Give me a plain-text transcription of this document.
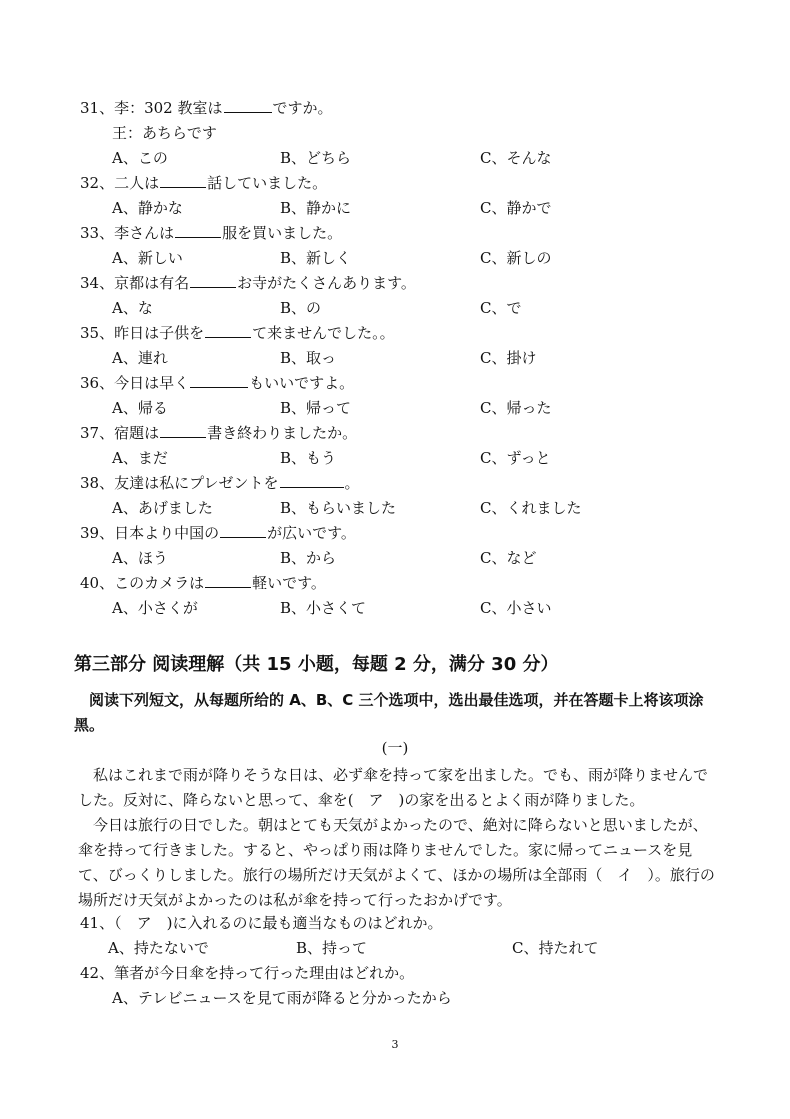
31、李：302 教室は	ですか。
王：あちらです
A、この	B、どちら	C、そんな
32、二人は	話していました。
A、静かな	B、静かに	C、静かで
33、李さんは	服を買いました。
A、新しい	B、新しく	C、新しの
34、京都は有名	お寺がたくさんあります。
A、な	B、の	C、で
35、昨日は子供を	て来ませんでした。。
A、連れ	B、取っ	C、掛け
36、今日は早く	もいいですよ。
A、帰る	B、帰って	C、帰った
37、宿題は	書き終わりましたか。
A、まだ	B、もう	C、ずっと
38、友達は私にプレゼントを	。
A、あげました	B、もらいました	C、くれました
39、日本より中国の	が広いです。
A、ほう	B、から	C、など
40、このカメラは	軽いです。
A、小さくが	B、小さくて	C、小さい
第三部分 阅读理解（共 15 小题，每题 2 分，满分 30 分）
　阅读下列短文，从每题所给的 A、B、C 三个选项中，选出最佳选项，并在答题卡上将该项涂黑。
(一)
　私はこれまで雨が降りそうな日は、必ず傘を持って家を出ました。でも、雨が降りませんでした。反対に、降らないと思って、傘を(　ア　)の家を出るとよく雨が降りました。
　今日は旅行の日でした。朝はとても天気がよかったので、絶対に降らないと思いましたが、傘を持って行きました。すると、やっぱり雨は降りませんでした。家に帰ってニュースを見て、びっくりしました。旅行の場所だけ天気がよくて、ほかの場所は全部雨（　イ　）。旅行の場所だけ天気がよかったのは私が傘を持って行ったおかげです。
41、（　ア　)に入れるのに最も適当なものはどれか。
A、持たないで	B、持って	C、持たれて
42、筆者が今日傘を持って行った理由はどれか。
A、テレビニュースを見て雨が降ると分かったから
3
